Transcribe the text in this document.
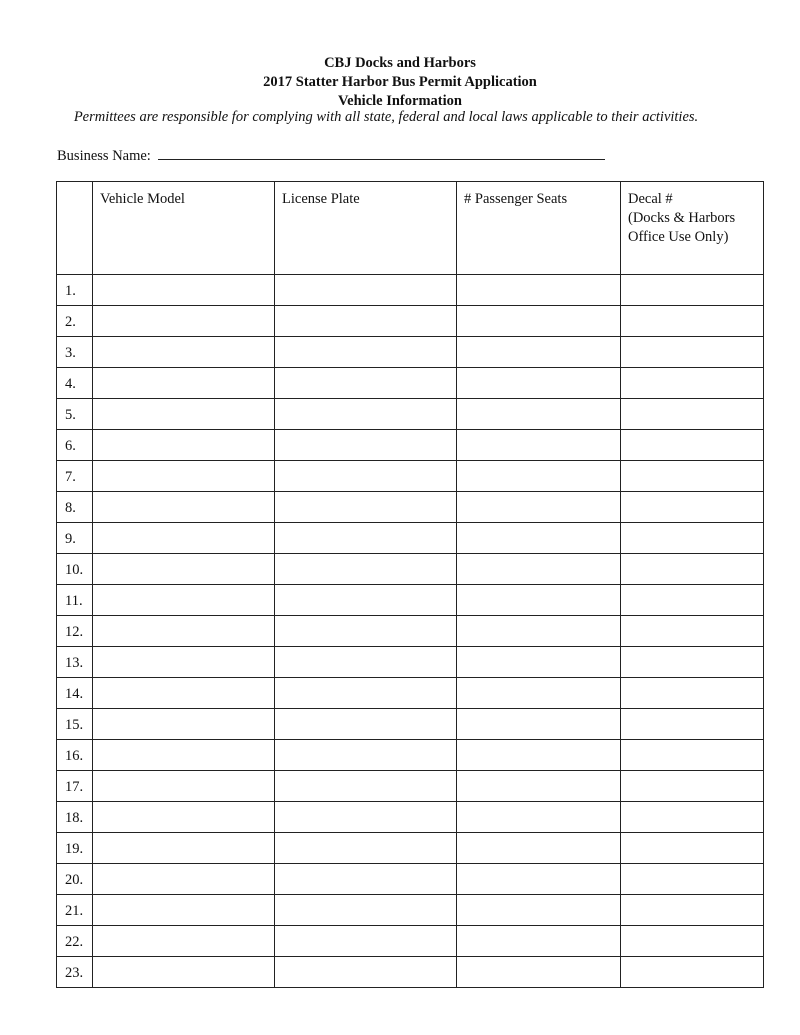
CBJ Docks and Harbors
2017 Statter Harbor Bus Permit Application
Vehicle Information
Permittees are responsible for complying with all state, federal and local laws applicable to their activities.
Business Name:
	Vehicle Model	License Plate	# Passenger Seats	Decal #
(Docks & Harbors
Office Use Only)

1.				
2.				
3.				
4.				
5.				
6.				
7.				
8.				
9.				
10.				
11.				
12.				
13.				
14.				
15.				
16.				
17.				
18.				
19.				
20.				
21.				
22.				
23.				
